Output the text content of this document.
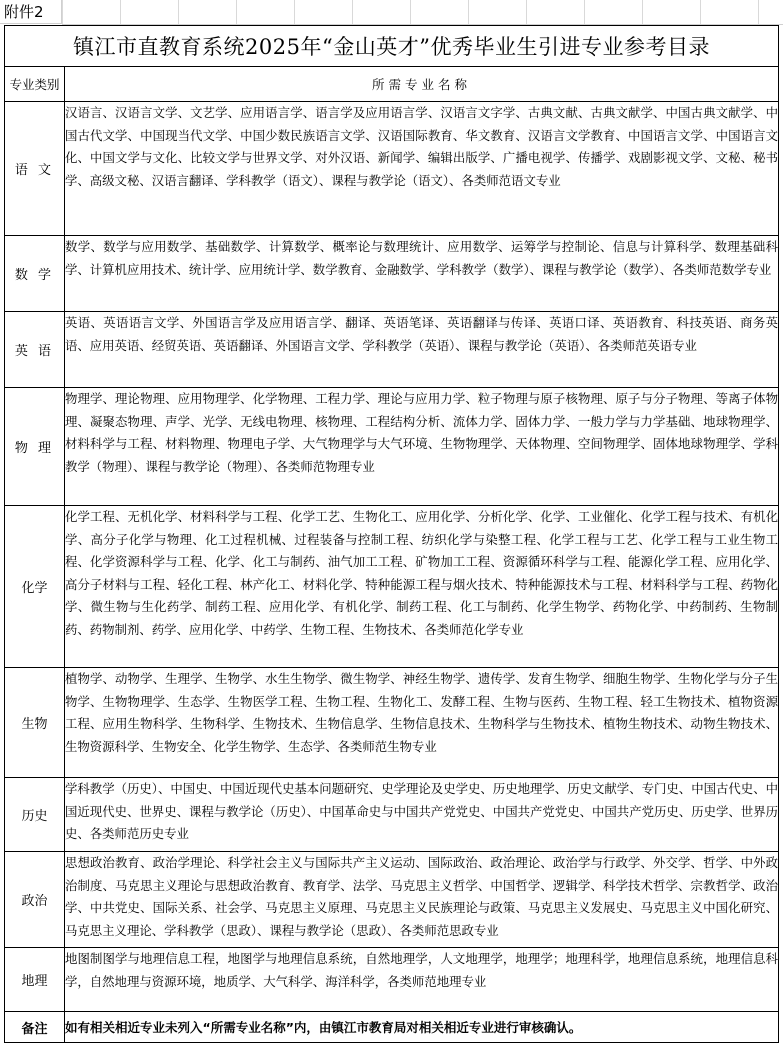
附件2
镇江市直教育系统2025年“金山英才”优秀毕业生引进专业参考目录	
专业类别	所需专业名称
语 文	汉语言、汉语言文学、文艺学、应用语言学、语言学及应用语言学、汉语言文字学、古典文献、古典文献学、中国古典文献学、中国古代文学、中国现当代文学、中国少数民族语言文学、汉语国际教育、华文教育、汉语言文学教育、中国语言文学、中国语言文化、中国文学与文化、比较文学与世界文学、对外汉语、新闻学、编辑出版学、广播电视学、传播学、戏剧影视文学、文秘、秘书学、高级文秘、汉语言翻译、学科教学（语文）、课程与教学论（语文）、各类师范语文专业
数 学	数学、数学与应用数学、基础数学、计算数学、概率论与数理统计、应用数学、运筹学与控制论、信息与计算科学、数理基础科学、计算机应用技术、统计学、应用统计学、数学教育、金融数学、学科教学（数学）、课程与教学论（数学）、各类师范数学专业
英 语	英语、英语语言文学、外国语言学及应用语言学、翻译、英语笔译、英语翻译与传译、英语口译、英语教育、科技英语、商务英语、应用英语、经贸英语、英语翻译、外国语言文学、学科教学（英语）、课程与教学论（英语）、各类师范英语专业
物 理	物理学、理论物理、应用物理学、化学物理、工程力学、理论与应用力学、粒子物理与原子核物理、原子与分子物理、等离子体物理、凝聚态物理、声学、光学、无线电物理、核物理、工程结构分析、流体力学、固体力学、一般力学与力学基础、地球物理学、材料科学与工程、材料物理、物理电子学、大气物理学与大气环境、生物物理学、天体物理、空间物理学、固体地球物理学、学科教学（物理）、课程与教学论（物理）、各类师范物理专业
化学	化学工程、无机化学、材料科学与工程、化学工艺、生物化工、应用化学、分析化学、化学、工业催化、化学工程与技术、有机化学、高分子化学与物理、化工过程机械、过程装备与控制工程、纺织化学与染整工程、化学工程与工艺、化学工程与工业生物工程、化学资源科学与工程、化学、化工与制药、油气加工工程、矿物加工工程、资源循环科学与工程、能源化学工程、应用化学、高分子材料与工程、轻化工程、林产化工、材料化学、特种能源工程与烟火技术、特种能源技术与工程、材料科学与工程、药物化学、微生物与生化药学、制药工程、应用化学、有机化学、制药工程、化工与制药、化学生物学、药物化学、中药制药、生物制药、药物制剂、药学、应用化学、中药学、生物工程、生物技术、各类师范化学专业
生物	植物学、动物学、生理学、生物学、水生生物学、微生物学、神经生物学、遗传学、发育生物学、细胞生物学、生物化学与分子生物学、生物物理学、生态学、生物医学工程、生物工程、生物化工、发酵工程、生物与医药、生物工程、轻工生物技术、植物资源工程、应用生物科学、生物科学、生物技术、生物信息学、生物信息技术、生物科学与生物技术、植物生物技术、动物生物技术、生物资源科学、生物安全、化学生物学、生态学、各类师范生物专业
历史	学科教学（历史）、中国史、中国近现代史基本问题研究、史学理论及史学史、历史地理学、历史文献学、专门史、中国古代史、中国近现代史、世界史、课程与教学论（历史）、中国革命史与中国共产党党史、中国共产党党史、中国共产党历史、历史学、世界历史、各类师范历史专业
政治	思想政治教育、政治学理论、科学社会主义与国际共产主义运动、国际政治、政治理论、政治学与行政学、外交学、哲学、中外政治制度、马克思主义理论与思想政治教育、教育学、法学、马克思主义哲学、中国哲学、逻辑学、科学技术哲学、宗教哲学、政治学、中共党史、国际关系、社会学、马克思主义原理、马克思主义民族理论与政策、马克思主义发展史、马克思主义中国化研究、马克思主义理论、学科教学（思政）、课程与教学论（思政）、各类师范思政专业
地理	地图制图学与地理信息工程，地图学与地理信息系统，自然地理学，人文地理学，地理学；地理科学，地理信息系统，地理信息科学，自然地理与资源环境，地质学、大气科学、海洋科学，各类师范地理专业
备注	如有相关相近专业未列入“所需专业名称”内，由镇江市教育局对相关相近专业进行审核确认。
